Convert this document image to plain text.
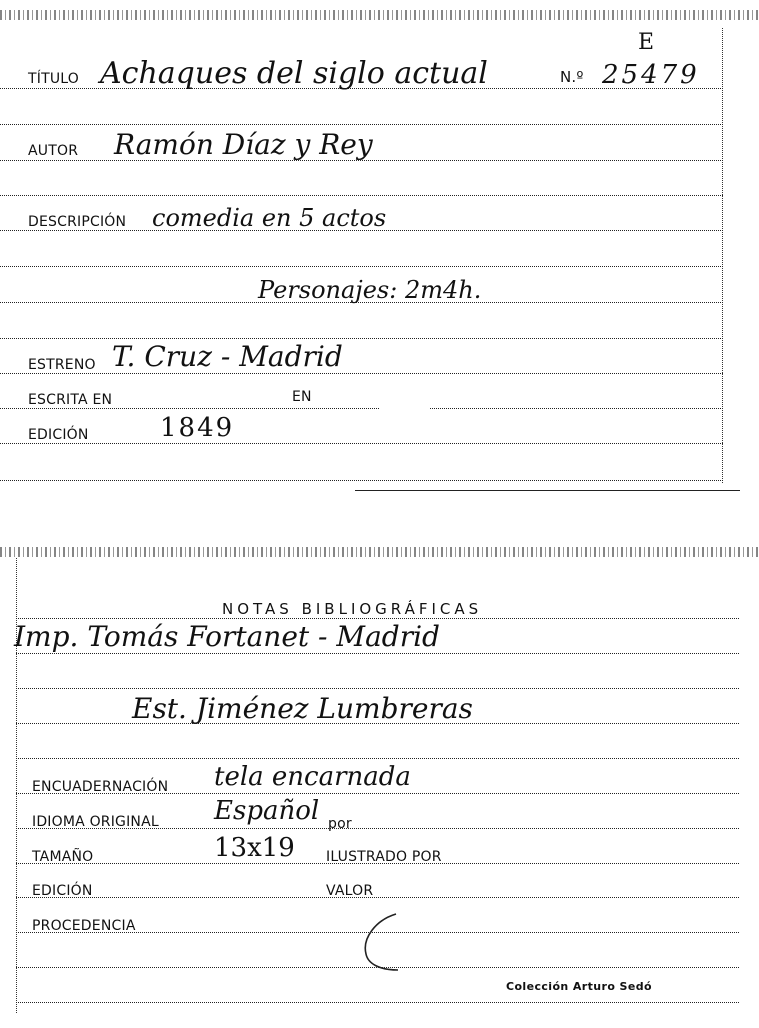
E
TÍTULO Achaques del siglo actual	N.º 25479
AUTOR Ramón Díaz y Rey
DESCRIPCIÓN comedia en 5 actos
Personajes: 2m4h.
ESTRENO T. Cruz - Madrid
ESCRITA EN	EN
EDICIÓN	1849
NOTAS BIBLIOGRÁFICAS
Imp. Tomás Fortanet - Madrid
Est. Jiménez Lumbreras
ENCUADERNACIÓN tela encarnada
IDIOMA ORIGINAL Español por
TAMAÑO	13x19 ILUSTRADO POR
EDICIÓN	VALOR
PROCEDENCIA
Colección Arturo Sedó
